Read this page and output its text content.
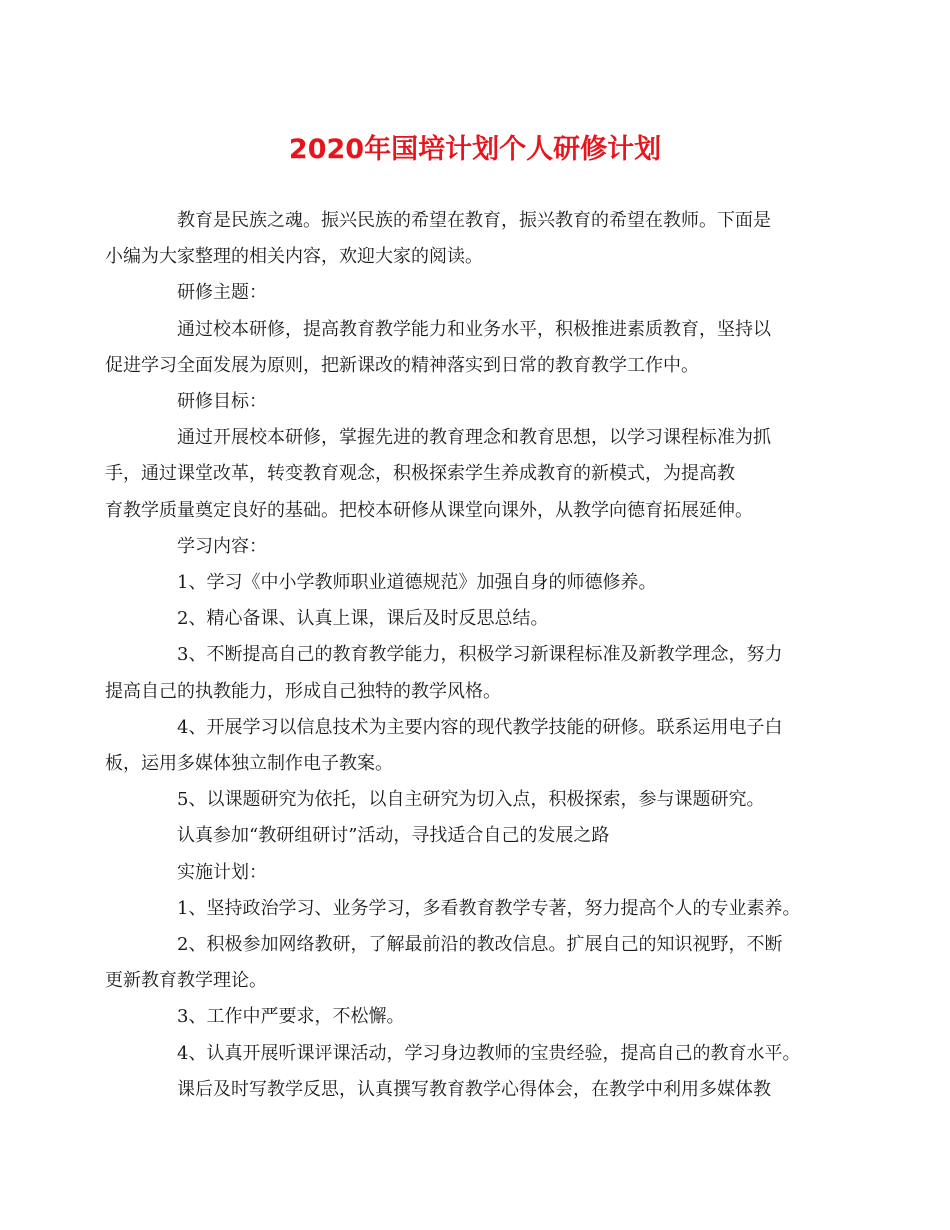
2020年国培计划个人研修计划

教育是民族之魂。振兴民族的希望在教育，振兴教育的希望在教师。下面是
小编为大家整理的相关内容，欢迎大家的阅读。

研修主题：

通过校本研修，提高教育教学能力和业务水平，积极推进素质教育，坚持以
促进学习全面发展为原则，把新课改的精神落实到日常的教育教学工作中。

研修目标：

通过开展校本研修，掌握先进的教育理念和教育思想，以学习课程标准为抓
手，通过课堂改革，转变教育观念，积极探索学生养成教育的新模式，为提高教
育教学质量奠定良好的基础。把校本研修从课堂向课外，从教学向德育拓展延伸。

学习内容：

1、学习《中小学教师职业道德规范》加强自身的师德修养。

2、精心备课、认真上课，课后及时反思总结。

3、不断提高自己的教育教学能力，积极学习新课程标准及新教学理念，努力
提高自己的执教能力，形成自己独特的教学风格。

4、开展学习以信息技术为主要内容的现代教学技能的研修。联系运用电子白
板，运用多媒体独立制作电子教案。

5、以课题研究为依托，以自主研究为切入点，积极探索，参与课题研究。

认真参加“教研组研讨”活动，寻找适合自己的发展之路

实施计划：

1、坚持政治学习、业务学习，多看教育教学专著，努力提高个人的专业素养。

2、积极参加网络教研，了解最前沿的教改信息。扩展自己的知识视野，不断
更新教育教学理论。

3、工作中严要求，不松懈。

4、认真开展听课评课活动，学习身边教师的宝贵经验，提高自己的教育水平。

课后及时写教学反思，认真撰写教育教学心得体会，在教学中利用多媒体教
